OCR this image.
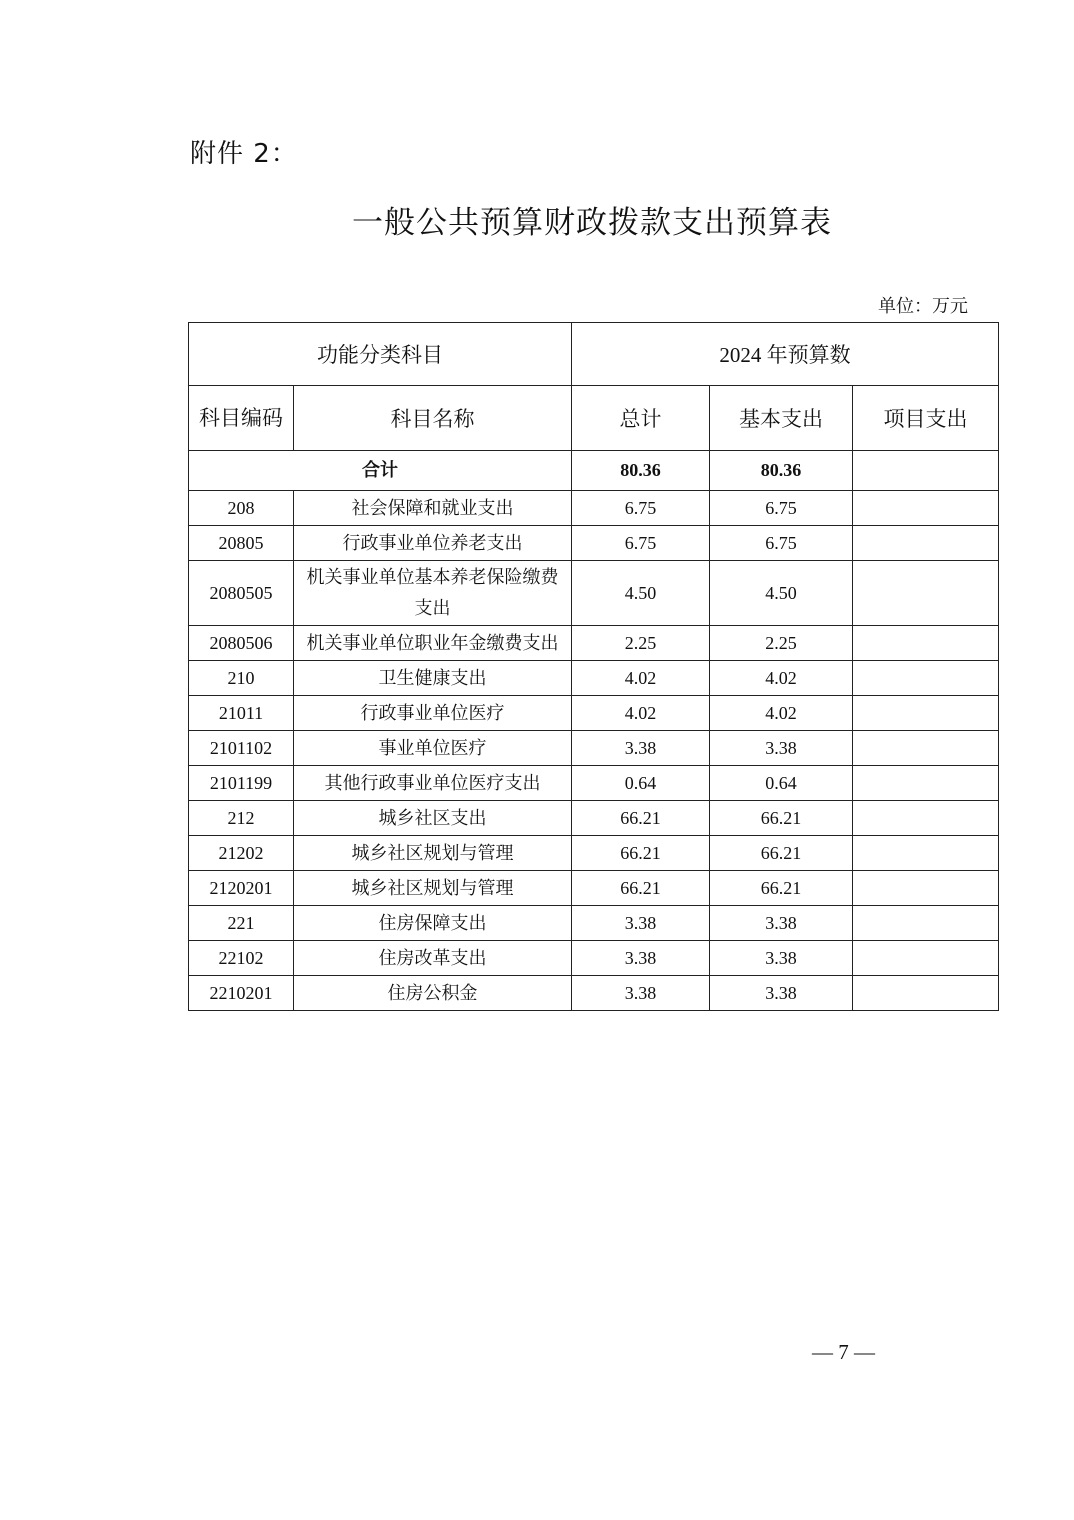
附件 2：
一般公共预算财政拨款支出预算表
单位：万元
功能分类科目		2024 年预算数		
科目编码	科目名称	总计	基本支出	项目支出
合计		80.36	80.36	
208	社会保障和就业支出	6.75	6.75	
20805	行政事业单位养老支出	6.75	6.75	
2080505	机关事业单位基本养老保险缴费支出	4.50	4.50	
2080506	机关事业单位职业年金缴费支出	2.25	2.25	
210	卫生健康支出	4.02	4.02	
21011	行政事业单位医疗	4.02	4.02	
2101102	事业单位医疗	3.38	3.38	
2101199	其他行政事业单位医疗支出	0.64	0.64	
212	城乡社区支出	66.21	66.21	
21202	城乡社区规划与管理	66.21	66.21	
2120201	城乡社区规划与管理	66.21	66.21	
221	住房保障支出	3.38	3.38	
22102	住房改革支出	3.38	3.38	
2210201	住房公积金	3.38	3.38	
— 7 —
